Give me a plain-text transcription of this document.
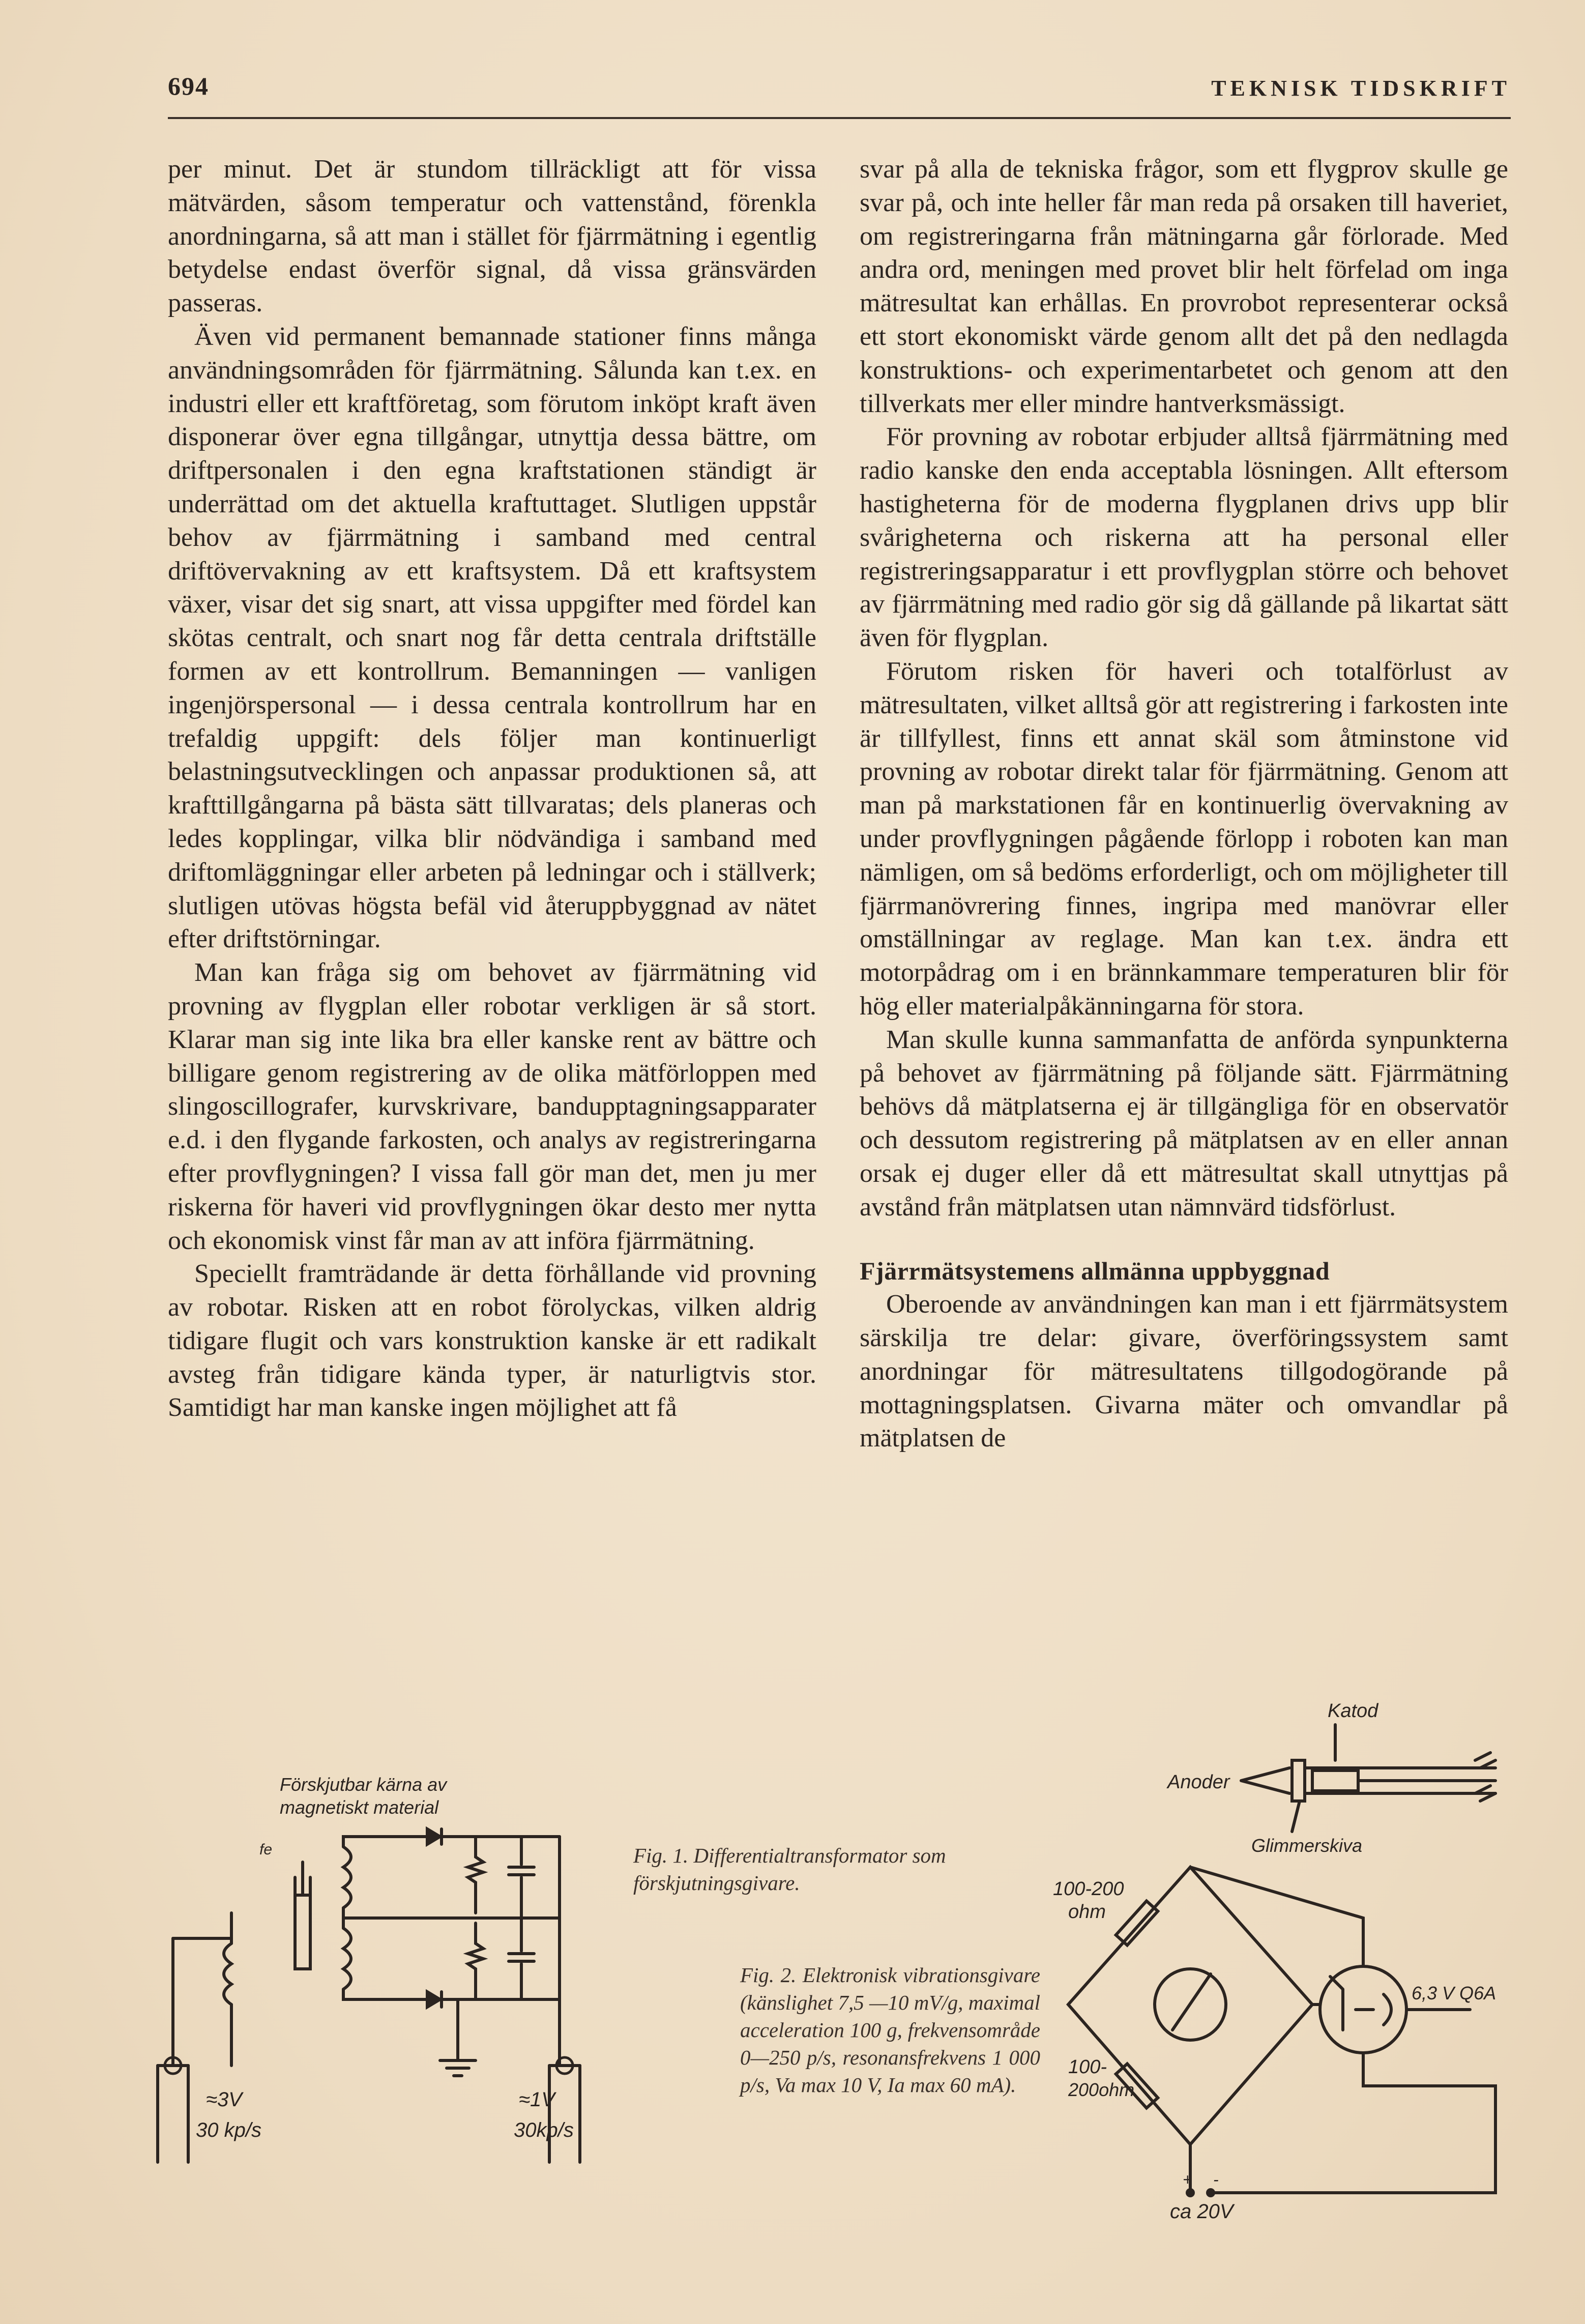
694	TEKNISK TIDSKRIFT

per minut. Det är stundom tillräckligt att för vissa mätvärden, såsom temperatur och vattenstånd, förenkla anordningarna, så att man i stället för fjärrmätning i egentlig betydelse endast överför signal, då vissa gränsvärden passeras.

Även vid permanent bemannade stationer finns många användningsområden för fjärrmätning. Sålunda kan t.ex. en industri eller ett kraftföretag, som förutom inköpt kraft även disponerar över egna tillgångar, utnyttja dessa bättre, om driftpersonalen i den egna kraftstationen ständigt är underrättad om det aktuella kraftuttaget. Slutligen uppstår behov av fjärrmätning i samband med central driftövervakning av ett kraftsystem. Då ett kraftsystem växer, visar det sig snart, att vissa uppgifter med fördel kan skötas centralt, och snart nog får detta centrala driftställe formen av ett kontrollrum. Bemanningen — vanligen ingenjörspersonal — i dessa centrala kontrollrum har en trefaldig uppgift: dels följer man kontinuerligt belastningsutvecklingen och anpassar produktionen så, att krafttillgångarna på bästa sätt tillvaratas; dels planeras och ledes kopplingar, vilka blir nödvändiga i samband med driftomläggningar eller arbeten på ledningar och i ställverk; slutligen utövas högsta befäl vid återuppbyggnad av nätet efter driftstörningar.

Man kan fråga sig om behovet av fjärrmätning vid provning av flygplan eller robotar verkligen är så stort. Klarar man sig inte lika bra eller kanske rent av bättre och billigare genom registrering av de olika mätförloppen med slingoscillografer, kurvskrivare, bandupptagningsapparater e.d. i den flygande farkosten, och analys av registreringarna efter provflygningen? I vissa fall gör man det, men ju mer riskerna för haveri vid provflygningen ökar desto mer nytta och ekonomisk vinst får man av att införa fjärrmätning.

Speciellt framträdande är detta förhållande vid provning av robotar. Risken att en robot förolyckas, vilken aldrig tidigare flugit och vars konstruktion kanske är ett radikalt avsteg från tidigare kända typer, är naturligtvis stor. Samtidigt har man kanske ingen möjlighet att få

svar på alla de tekniska frågor, som ett flygprov skulle ge svar på, och inte heller får man reda på orsaken till haveriet, om registreringarna från mätningarna går förlorade. Med andra ord, meningen med provet blir helt förfelad om inga mätresultat kan erhållas. En provrobot representerar också ett stort ekonomiskt värde genom allt det på den nedlagda konstruktions- och experimentarbetet och genom att den tillverkats mer eller mindre hantverksmässigt.

För provning av robotar erbjuder alltså fjärrmätning med radio kanske den enda acceptabla lösningen. Allt eftersom hastigheterna för de moderna flygplanen drivs upp blir svårigheterna och riskerna att ha personal eller registreringsapparatur i ett provflygplan större och behovet av fjärrmätning med radio gör sig då gällande på likartat sätt även för flygplan.

Förutom risken för haveri och totalförlust av mätresultaten, vilket alltså gör att registrering i farkosten inte är tillfyllest, finns ett annat skäl som åtminstone vid provning av robotar direkt talar för fjärrmätning. Genom att man på markstationen får en kontinuerlig övervakning av under provflygningen pågående förlopp i roboten kan man nämligen, om så bedöms erforderligt, och om möjligheter till fjärrmanövrering finnes, ingripa med manövrar eller omställningar av reglage. Man kan t.ex. ändra ett motorpådrag om i en brännkammare temperaturen blir för hög eller materialpåkänningarna för stora.

Man skulle kunna sammanfatta de anförda synpunkterna på behovet av fjärrmätning på följande sätt. Fjärrmätning behövs då mätplatserna ej är tillgängliga för en observatör och dessutom registrering på mätplatsen av en eller annan orsak ej duger eller då ett mätresultat skall utnyttjas på avstånd från mätplatsen utan nämnvärd tidsförlust.

Fjärrmätsystemens allmänna uppbyggnad

Oberoende av användningen kan man i ett fjärrmätsystem särskilja tre delar: givare, överföringssystem samt anordningar för mätresultatens tillgodogörande på mottagningsplatsen. Givarna mäter och omvandlar på mätplatsen de

Förskjutbar kärna av
magnetiskt material
fe
≈3V
30 kp/s
≈1V
30kp/s
Fig. 1. Differentialtransformator som förskjutningsgivare.
Fig. 2. Elektronisk vibrationsgivare (känslighet 7,5 —10 mV/g, maximal acceleration 100 g, frekvensområde 0—250 p/s, resonansfrekvens 1 000 p/s, Va max 10 V, Ia max 60 mA).
Katod
Anoder
Glimmerskiva
100-200
ohm
100-
200ohm
6,3 V Q6A
+ -
ca 20V
